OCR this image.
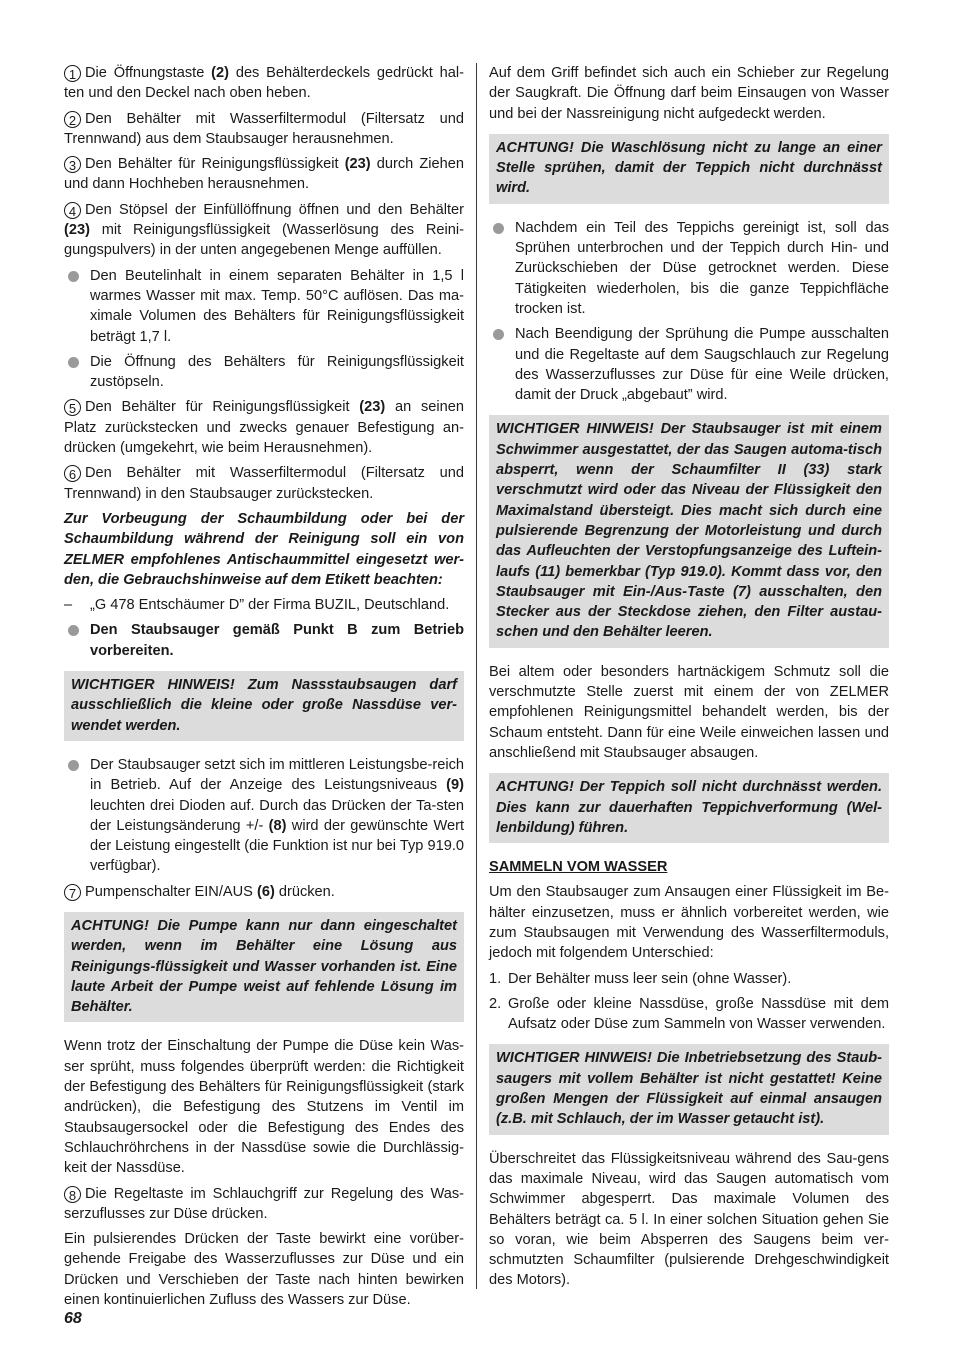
1 Die Öffnungstaste (2) des Behälterdeckels gedrückt hal-ten und den Deckel nach oben heben.

2 Den Behälter mit Wasserfiltermodul (Filtersatz und Trennwand) aus dem Staubsauger herausnehmen.

3 Den Behälter für Reinigungsflüssigkeit (23) durch Ziehen und dann Hochheben herausnehmen.

4 Den Stöpsel der Einfüllöffnung öffnen und den Behälter (23) mit Reinigungsflüssigkeit (Wasserlösung des Reini-gungspulvers) in der unten angegebenen Menge auffüllen.

Den Beutelinhalt in einem separaten Behälter in 1,5 l warmes Wasser mit max. Temp. 50°C auflösen. Das ma-ximale Volumen des Behälters für Reinigungsflüssigkeit beträgt 1,7 l.
Die Öffnung des Behälters für Reinigungsflüssigkeit zustöpseln.

5 Den Behälter für Reinigungsflüssigkeit (23) an seinen Platz zurückstecken und zwecks genauer Befestigung an-drücken (umgekehrt, wie beim Herausnehmen).

6 Den Behälter mit Wasserfiltermodul (Filtersatz und Trennwand) in den Staubsauger zurückstecken.

Zur Vorbeugung der Schaumbildung oder bei der Schaumbildung während der Reinigung soll ein von ZELMER empfohlenes Antischaummittel eingesetzt wer-den, die Gebrauchshinweise auf dem Etikett beachten:

– „G 478 Entschäumer D” der Firma BUZIL, Deutschland.
Den Staubsauger gemäß Punkt B zum Betrieb vorbereiten.
WICHTIGER HINWEIS! Zum Nassstaubsaugen darf ausschließlich die kleine oder große Nassdüse ver-wendet werden.
Der Staubsauger setzt sich im mittleren Leistungsbe-reich in Betrieb. Auf der Anzeige des Leistungsniveaus (9) leuchten drei Dioden auf. Durch das Drücken der Ta-sten der Leistungsänderung +/- (8) wird der gewünschte Wert der Leistung eingestellt (die Funktion ist nur bei Typ 919.0 verfügbar).

7 Pumpenschalter EIN/AUS (6) drücken.

ACHTUNG! Die Pumpe kann nur dann eingeschaltet werden, wenn im Behälter eine Lösung aus Reinigungs-flüssigkeit und Wasser vorhanden ist. Eine laute Arbeit der Pumpe weist auf fehlende Lösung im Behälter.

Wenn trotz der Einschaltung der Pumpe die Düse kein Was-ser sprüht, muss folgendes überprüft werden: die Richtigkeit der Befestigung des Behälters für Reinigungsflüssigkeit (stark andrücken), die Befestigung des Stutzens im Ventil im Staubsaugersockel oder die Befestigung des Endes des Schlauchröhrchens in der Nassdüse sowie die Durchlässig-keit der Nassdüse.

8 Die Regeltaste im Schlauchgriff zur Regelung des Was-serzuflusses zur Düse drücken.

Ein pulsierendes Drücken der Taste bewirkt eine vorüber-gehende Freigabe des Wasserzuflusses zur Düse und ein Drücken und Verschieben der Taste nach hinten bewirken einen kontinuierlichen Zufluss des Wassers zur Düse.

Auf dem Griff befindet sich auch ein Schieber zur Regelung der Saugkraft. Die Öffnung darf beim Einsaugen von Wasser und bei der Nassreinigung nicht aufgedeckt werden.

ACHTUNG! Die Waschlösung nicht zu lange an einer Stelle sprühen, damit der Teppich nicht durchnässt wird.
Nachdem ein Teil des Teppichs gereinigt ist, soll das Sprühen unterbrochen und der Teppich durch Hin- und Zurückschieben der Düse getrocknet werden. Diese Tätigkeiten wiederholen, bis die ganze Teppichfläche trocken ist.
Nach Beendigung der Sprühung die Pumpe ausschalten und die Regeltaste auf dem Saugschlauch zur Regelung des Wasserzuflusses zur Düse für eine Weile drücken, damit der Druck „abgebaut” wird.
WICHTIGER HINWEIS! Der Staubsauger ist mit einem Schwimmer ausgestattet, der das Saugen automa-tisch absperrt, wenn der Schaumfilter II (33) stark verschmutzt wird oder das Niveau der Flüssigkeit den Maximalstand übersteigt. Dies macht sich durch eine pulsierende Begrenzung der Motorleistung und durch das Aufleuchten der Verstopfungsanzeige des Luftein-laufs (11) bemerkbar (Typ 919.0). Kommt dass vor, den Staubsauger mit Ein-/Aus-Taste (7) ausschalten, den Stecker aus der Steckdose ziehen, den Filter austau-schen und den Behälter leeren.

Bei altem oder besonders hartnäckigem Schmutz soll die verschmutzte Stelle zuerst mit einem der von ZELMER empfohlenen Reinigungsmittel behandelt werden, bis der Schaum entsteht. Dann für eine Weile einweichen lassen und anschließend mit Staubsauger absaugen.

ACHTUNG! Der Teppich soll nicht durchnässt werden. Dies kann zur dauerhaften Teppichverformung (Wel-lenbildung) führen.
SAMMELN VOM WASSER

Um den Staubsauger zum Ansaugen einer Flüssigkeit im Be-hälter einzusetzen, muss er ähnlich vorbereitet werden, wie zum Staubsaugen mit Verwendung des Wasserfiltermoduls, jedoch mit folgendem Unterschied:

1. Der Behälter muss leer sein (ohne Wasser).
2. Große oder kleine Nassdüse, große Nassdüse mit dem Aufsatz oder Düse zum Sammeln von Wasser verwenden.
WICHTIGER HINWEIS! Die Inbetriebsetzung des Staub-saugers mit vollem Behälter ist nicht gestattet! Keine großen Mengen der Flüssigkeit auf einmal ansaugen (z.B. mit Schlauch, der im Wasser getaucht ist).

Überschreitet das Flüssigkeitsniveau während des Sau-gens das maximale Niveau, wird das Saugen automatisch vom Schwimmer abgesperrt. Das maximale Volumen des Behälters beträgt ca. 5 l. In einer solchen Situation gehen Sie so voran, wie beim Absperren des Saugens beim ver-schmutzten Schaumfilter (pulsierende Drehgeschwindigkeit des Motors).

68
